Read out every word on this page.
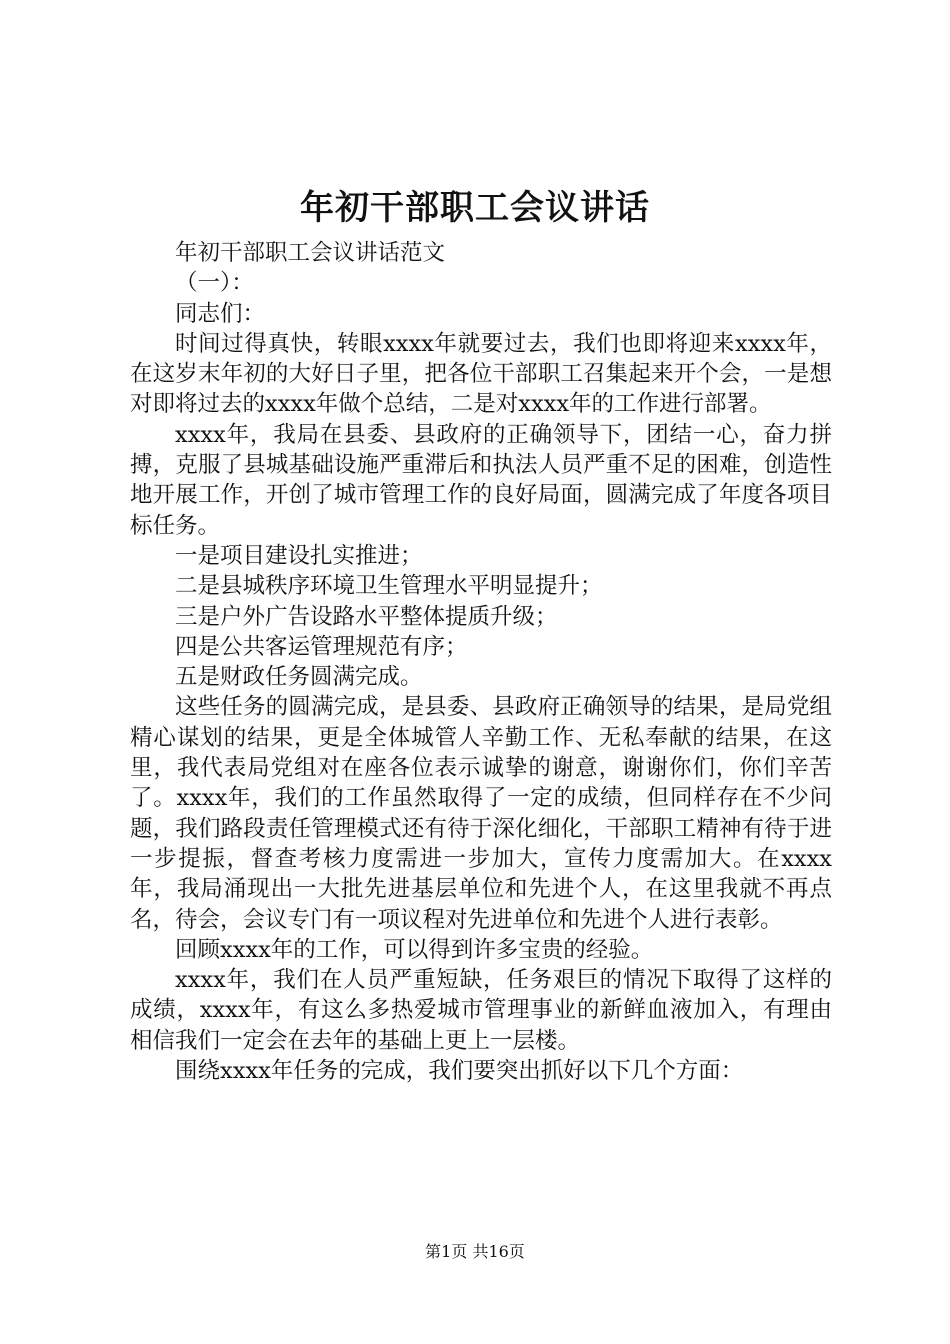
年初干部职工会议讲话

年初干部职工会议讲话范文

（一）：

同志们：

时间过得真快，转眼xxxx年就要过去，我们也即将迎来xxxx年，在这岁末年初的大好日子里，把各位干部职工召集起来开个会，一是想对即将过去的xxxx年做个总结，二是对xxxx年的工作进行部署。

xxxx年，我局在县委、县政府的正确领导下，团结一心，奋力拼搏，克服了县城基础设施严重滞后和执法人员严重不足的困难，创造性地开展工作，开创了城市管理工作的良好局面，圆满完成了年度各项目标任务。

一是项目建设扎实推进；

二是县城秩序环境卫生管理水平明显提升；

三是户外广告设路水平整体提质升级；

四是公共客运管理规范有序；

五是财政任务圆满完成。

这些任务的圆满完成，是县委、县政府正确领导的结果，是局党组精心谋划的结果，更是全体城管人辛勤工作、无私奉献的结果，在这里，我代表局党组对在座各位表示诚挚的谢意，谢谢你们，你们辛苦了。xxxx年，我们的工作虽然取得了一定的成绩，但同样存在不少问题，我们路段责任管理模式还有待于深化细化，干部职工精神有待于进一步提振，督查考核力度需进一步加大，宣传力度需加大。在xxxx年，我局涌现出一大批先进基层单位和先进个人，在这里我就不再点名，待会，会议专门有一项议程对先进单位和先进个人进行表彰。

回顾xxxx年的工作，可以得到许多宝贵的经验。

xxxx年，我们在人员严重短缺，任务艰巨的情况下取得了这样的成绩，xxxx年，有这么多热爱城市管理事业的新鲜血液加入，有理由相信我们一定会在去年的基础上更上一层楼。

围绕xxxx年任务的完成，我们要突出抓好以下几个方面：

第1页 共16页
